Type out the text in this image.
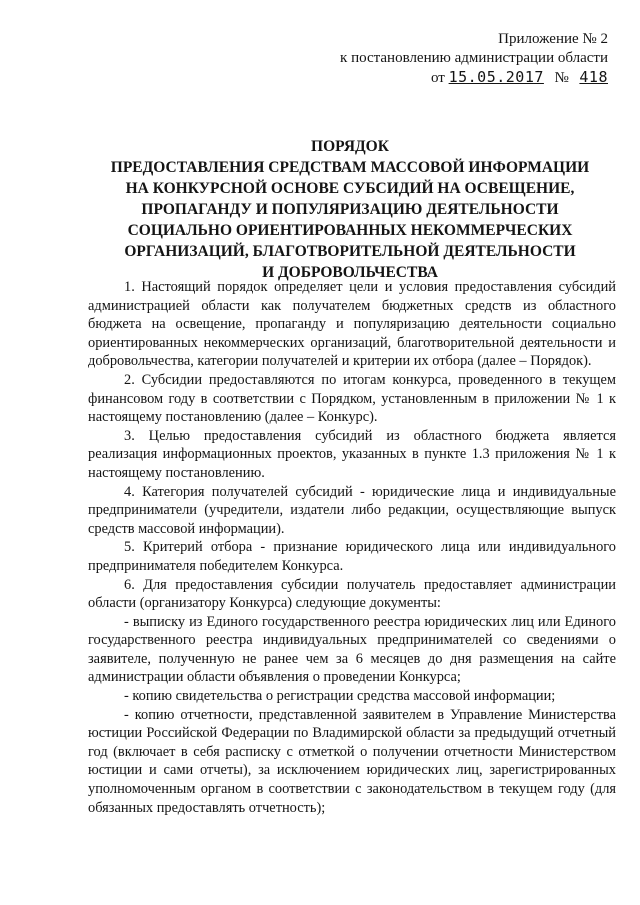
Приложение № 2
к постановлению администрации области
от 15.05.2017 № 418
ПОРЯДОК
ПРЕДОСТАВЛЕНИЯ СРЕДСТВАМ МАССОВОЙ ИНФОРМАЦИИ
НА КОНКУРСНОЙ ОСНОВЕ СУБСИДИЙ НА ОСВЕЩЕНИЕ,
ПРОПАГАНДУ И ПОПУЛЯРИЗАЦИЮ ДЕЯТЕЛЬНОСТИ
СОЦИАЛЬНО ОРИЕНТИРОВАННЫХ НЕКОММЕРЧЕСКИХ
ОРГАНИЗАЦИЙ, БЛАГОТВОРИТЕЛЬНОЙ ДЕЯТЕЛЬНОСТИ
И ДОБРОВОЛЬЧЕСТВА

1. Настоящий порядок определяет цели и условия предоставления субсидий администрацией области как получателем бюджетных средств из областного бюджета на освещение, пропаганду и популяризацию деятельности социально ориентированных некоммерческих организаций, благотворительной деятельности и добровольчества, категории получателей и критерии их отбора (далее – Порядок).

2. Субсидии предоставляются по итогам конкурса, проведенного в текущем финансовом году в соответствии с Порядком, установленным в приложении № 1 к настоящему постановлению (далее – Конкурс).

3. Целью предоставления субсидий из областного бюджета является реализация информационных проектов, указанных в пункте 1.3 приложения № 1 к настоящему постановлению.

4. Категория получателей субсидий - юридические лица и индивидуальные предприниматели (учредители, издатели либо редакции, осуществляющие выпуск средств массовой информации).

5. Критерий отбора - признание юридического лица или индивидуального предпринимателя победителем Конкурса.

6. Для предоставления субсидии получатель предоставляет администрации области (организатору Конкурса) следующие документы:

- выписку из Единого государственного реестра юридических лиц или Единого государственного реестра индивидуальных предпринимателей со сведениями о заявителе, полученную не ранее чем за 6 месяцев до дня размещения на сайте администрации области объявления о проведении Конкурса;

- копию свидетельства о регистрации средства массовой информации;

- копию отчетности, представленной заявителем в Управление Министерства юстиции Российской Федерации по Владимирской области за предыдущий отчетный год (включает в себя расписку с отметкой о получении отчетности Министерством юстиции и сами отчеты), за исключением юридических лиц, зарегистрированных уполномоченным органом в соответствии с законодательством в текущем году (для обязанных предоставлять отчетность);
